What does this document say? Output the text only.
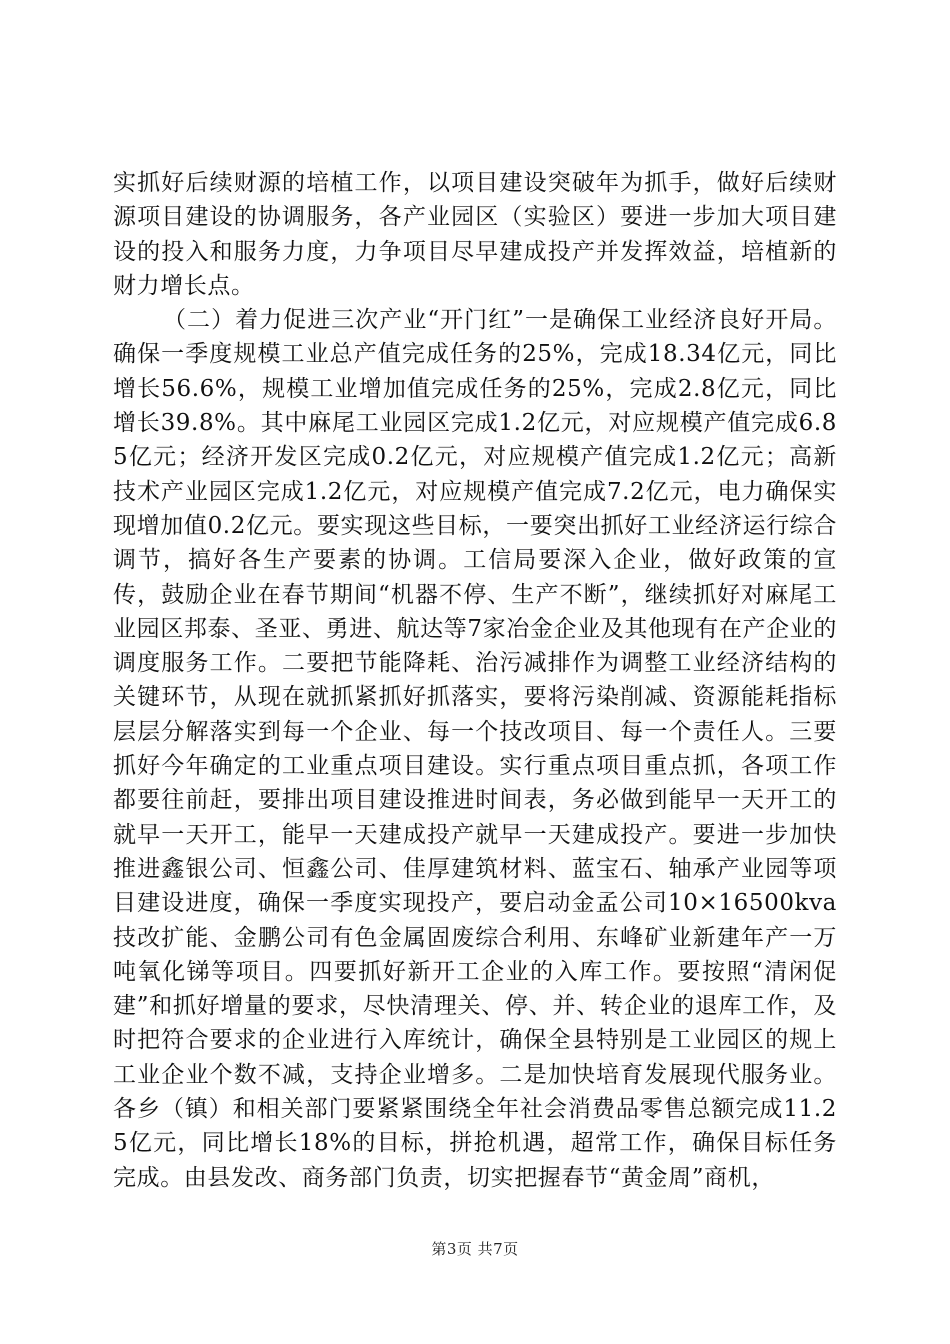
实抓好后续财源的培植工作，以项目建设突破年为抓手，做好后续财源项目建设的协调服务，各产业园区（实验区）要进一步加大项目建设的投入和服务力度，力争项目尽早建成投产并发挥效益，培植新的财力增长点。

（二）着力促进三次产业“开门红”一是确保工业经济良好开局。确保一季度规模工业总产值完成任务的25%，完成18.34亿元，同比增长56.6%，规模工业增加值完成任务的25%，完成2.8亿元，同比增长39.8%。其中麻尾工业园区完成1.2亿元，对应规模产值完成6.85亿元；经济开发区完成0.2亿元，对应规模产值完成1.2亿元；高新技术产业园区完成1.2亿元，对应规模产值完成7.2亿元，电力确保实现增加值0.2亿元。要实现这些目标，一要突出抓好工业经济运行综合调节，搞好各生产要素的协调。工信局要深入企业，做好政策的宣传，鼓励企业在春节期间“机器不停、生产不断”，继续抓好对麻尾工业园区邦泰、圣亚、勇进、航达等7家冶金企业及其他现有在产企业的调度服务工作。二要把节能降耗、治污减排作为调整工业经济结构的关键环节，从现在就抓紧抓好抓落实，要将污染削减、资源能耗指标层层分解落实到每一个企业、每一个技改项目、每一个责任人。三要抓好今年确定的工业重点项目建设。实行重点项目重点抓，各项工作都要往前赶，要排出项目建设推进时间表，务必做到能早一天开工的就早一天开工，能早一天建成投产就早一天建成投产。要进一步加快推进鑫银公司、恒鑫公司、佳厚建筑材料、蓝宝石、轴承产业园等项目建设进度，确保一季度实现投产，要启动金孟公司10×16500kva技改扩能、金鹏公司有色金属固废综合利用、东峰矿业新建年产一万吨氧化锑等项目。四要抓好新开工企业的入库工作。要按照“清闲促建”和抓好增量的要求，尽快清理关、停、并、转企业的退库工作，及时把符合要求的企业进行入库统计，确保全县特别是工业园区的规上工业企业个数不减，支持企业增多。二是加快培育发展现代服务业。各乡（镇）和相关部门要紧紧围绕全年社会消费品零售总额完成11.25亿元，同比增长18%的目标，拼抢机遇，超常工作，确保目标任务完成。由县发改、商务部门负责，切实把握春节“黄金周”商机，

第3页 共7页
